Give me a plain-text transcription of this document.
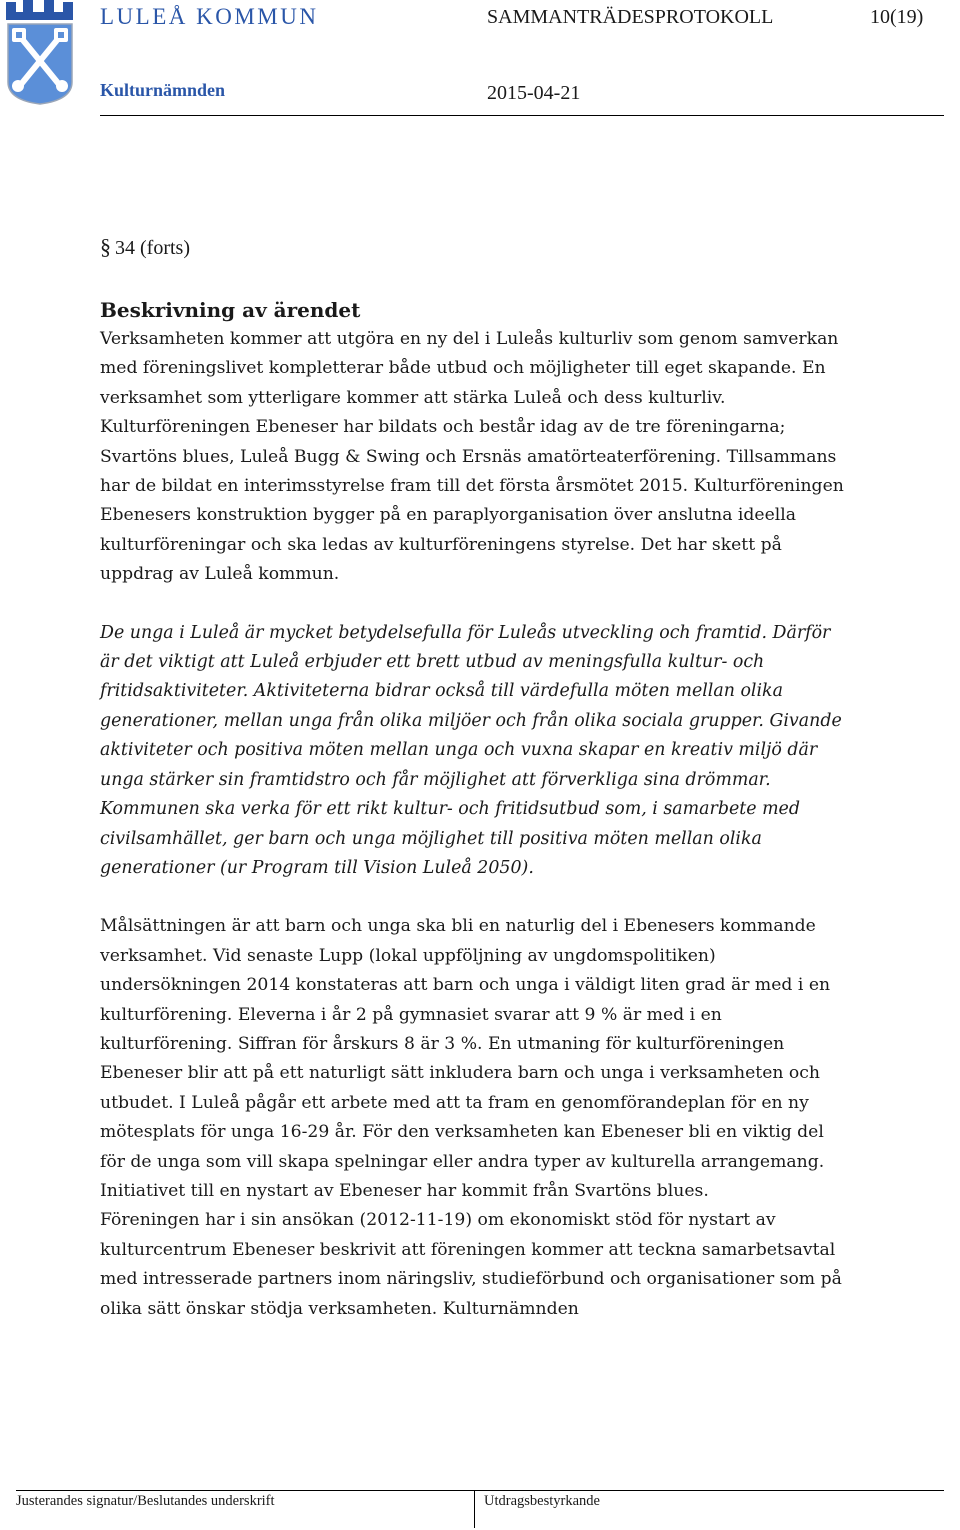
LULEÅ KOMMUN	SAMMANTRÄDESPROTOKOLL	10(19)
Kulturnämnden	2015-04-21
§ 34 (forts)
Beskrivning av ärendet

Verksamheten kommer att utgöra en ny del i Luleås kulturliv som genom samverkan med föreningslivet kompletterar både utbud och möjligheter till eget skapande. En verksamhet som ytterligare kommer att stärka Luleå och dess kulturliv.

Kulturföreningen Ebeneser har bildats och består idag av de tre föreningarna; Svartöns blues, Luleå Bugg & Swing och Ersnäs amatörteaterförening. Tillsammans har de bildat en interimsstyrelse fram till det första årsmötet 2015. Kulturföreningen Ebenesers konstruktion bygger på en paraplyorganisation över anslutna ideella kulturföreningar och ska ledas av kulturföreningens styrelse. Det har skett på uppdrag av Luleå kommun.

De unga i Luleå är mycket betydelsefulla för Luleås utveckling och framtid. Därför är det viktigt att Luleå erbjuder ett brett utbud av meningsfulla kultur- och fritidsaktiviteter. Aktiviteterna bidrar också till värdefulla möten mellan olika generationer, mellan unga från olika miljöer och från olika sociala grupper. Givande aktiviteter och positiva möten mellan unga och vuxna skapar en kreativ miljö där unga stärker sin framtidstro och får möjlighet att förverkliga sina drömmar. Kommunen ska verka för ett rikt kultur- och fritidsutbud som, i samarbete med civilsamhället, ger barn och unga möjlighet till positiva möten mellan olika generationer (ur Program till Vision Luleå 2050).

Målsättningen är att barn och unga ska bli en naturlig del i Ebenesers kommande verksamhet. Vid senaste Lupp (lokal uppföljning av ungdomspolitiken) undersökningen 2014 konstateras att barn och unga i väldigt liten grad är med i en kulturförening. Eleverna i år 2 på gymnasiet svarar att 9 % är med i en kulturförening. Siffran för årskurs 8 är 3 %. En utmaning för kulturföreningen Ebeneser blir att på ett naturligt sätt inkludera barn och unga i verksamheten och utbudet. I Luleå pågår ett arbete med att ta fram en genomförandeplan för en ny mötesplats för unga 16-29 år. För den verksamheten kan Ebeneser bli en viktig del för de unga som vill skapa spelningar eller andra typer av kulturella arrangemang.

Initiativet till en nystart av Ebeneser har kommit från Svartöns blues.

Föreningen har i sin ansökan (2012-11-19) om ekonomiskt stöd för nystart av kulturcentrum Ebeneser beskrivit att föreningen kommer att teckna samarbetsavtal med intresserade partners inom näringsliv, studieförbund och organisationer som på olika sätt önskar stödja verksamheten. Kulturnämnden

Justerandes signatur/Beslutandes underskrift	Utdragsbestyrkande
